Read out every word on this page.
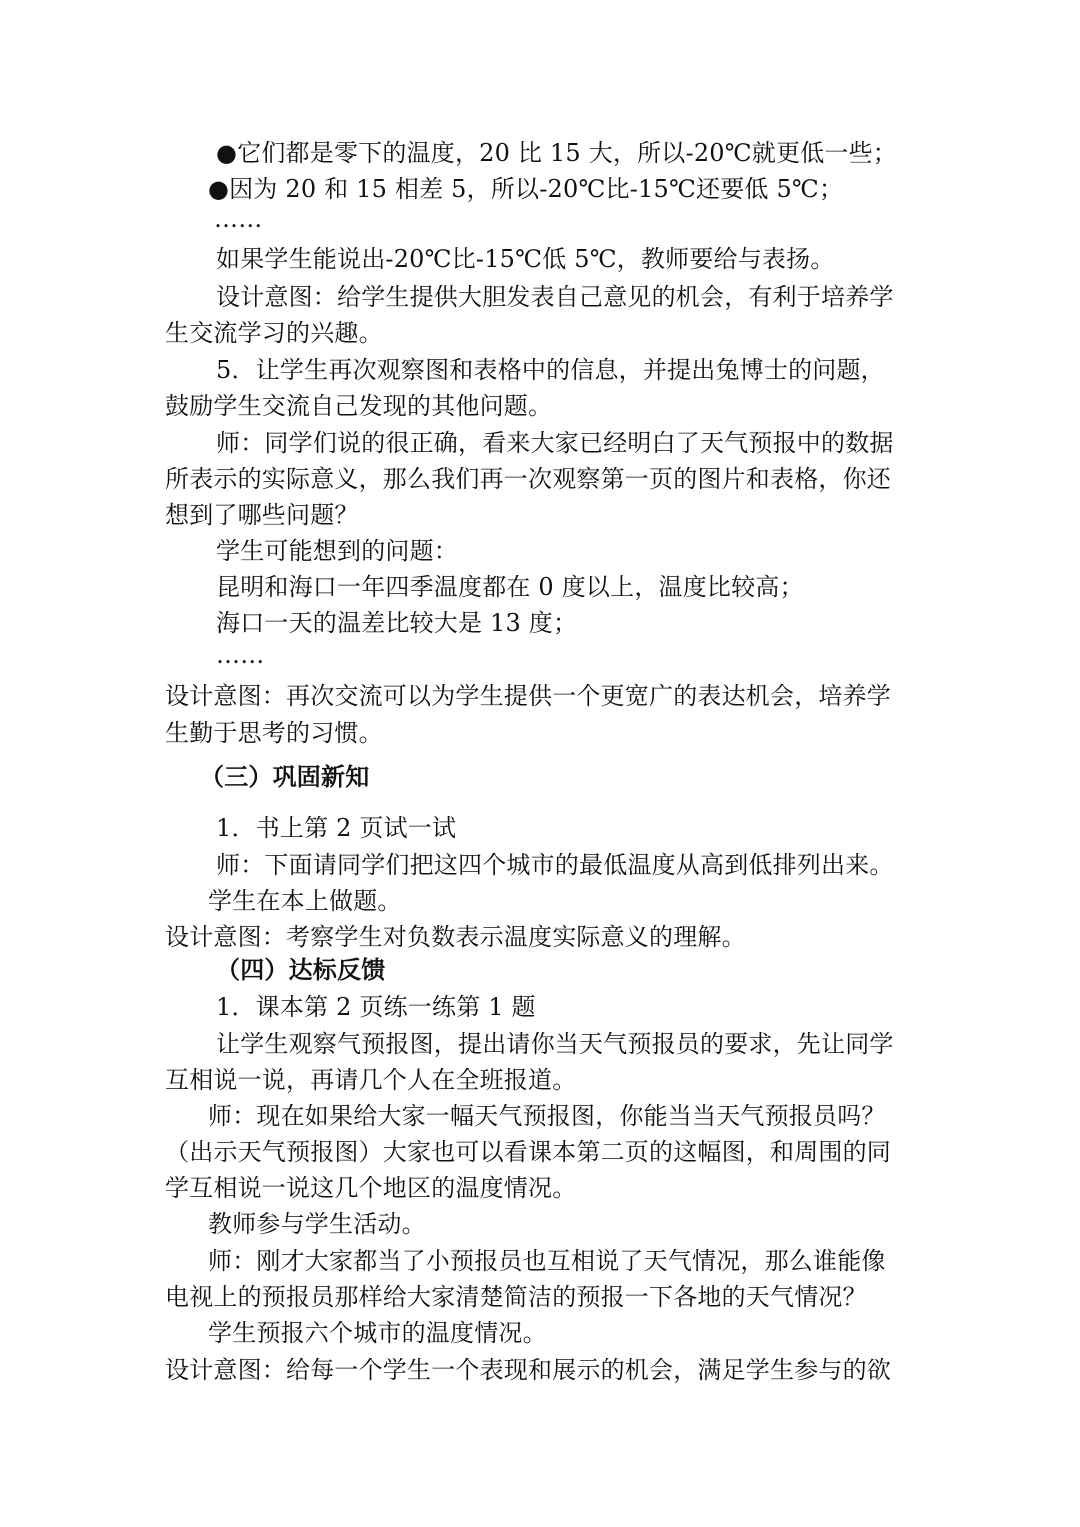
●它们都是零下的温度，20 比 15 大，所以-20℃就更低一些；
●因为 20 和 15 相差 5，所以-20℃比-15℃还要低 5℃；
……
如果学生能说出-20℃比-15℃低 5℃，教师要给与表扬。
设计意图：给学生提供大胆发表自己意见的机会，有利于培养学
生交流学习的兴趣。
5．让学生再次观察图和表格中的信息，并提出兔博士的问题，
鼓励学生交流自己发现的其他问题。
师：同学们说的很正确，看来大家已经明白了天气预报中的数据
所表示的实际意义，那么我们再一次观察第一页的图片和表格，你还
想到了哪些问题？
学生可能想到的问题：
昆明和海口一年四季温度都在 0 度以上，温度比较高；
海口一天的温差比较大是 13 度；
……
设计意图：再次交流可以为学生提供一个更宽广的表达机会，培养学
生勤于思考的习惯。
（三）巩固新知
1．书上第 2 页试一试
师：下面请同学们把这四个城市的最低温度从高到低排列出来。
学生在本上做题。
设计意图：考察学生对负数表示温度实际意义的理解。
（四）达标反馈
1．课本第 2 页练一练第 1 题
让学生观察气预报图，提出请你当天气预报员的要求，先让同学
互相说一说，再请几个人在全班报道。
师：现在如果给大家一幅天气预报图，你能当当天气预报员吗？
（出示天气预报图）大家也可以看课本第二页的这幅图，和周围的同
学互相说一说这几个地区的温度情况。
教师参与学生活动。
师：刚才大家都当了小预报员也互相说了天气情况，那么谁能像
电视上的预报员那样给大家清楚简洁的预报一下各地的天气情况？
学生预报六个城市的温度情况。
设计意图：给每一个学生一个表现和展示的机会，满足学生参与的欲
